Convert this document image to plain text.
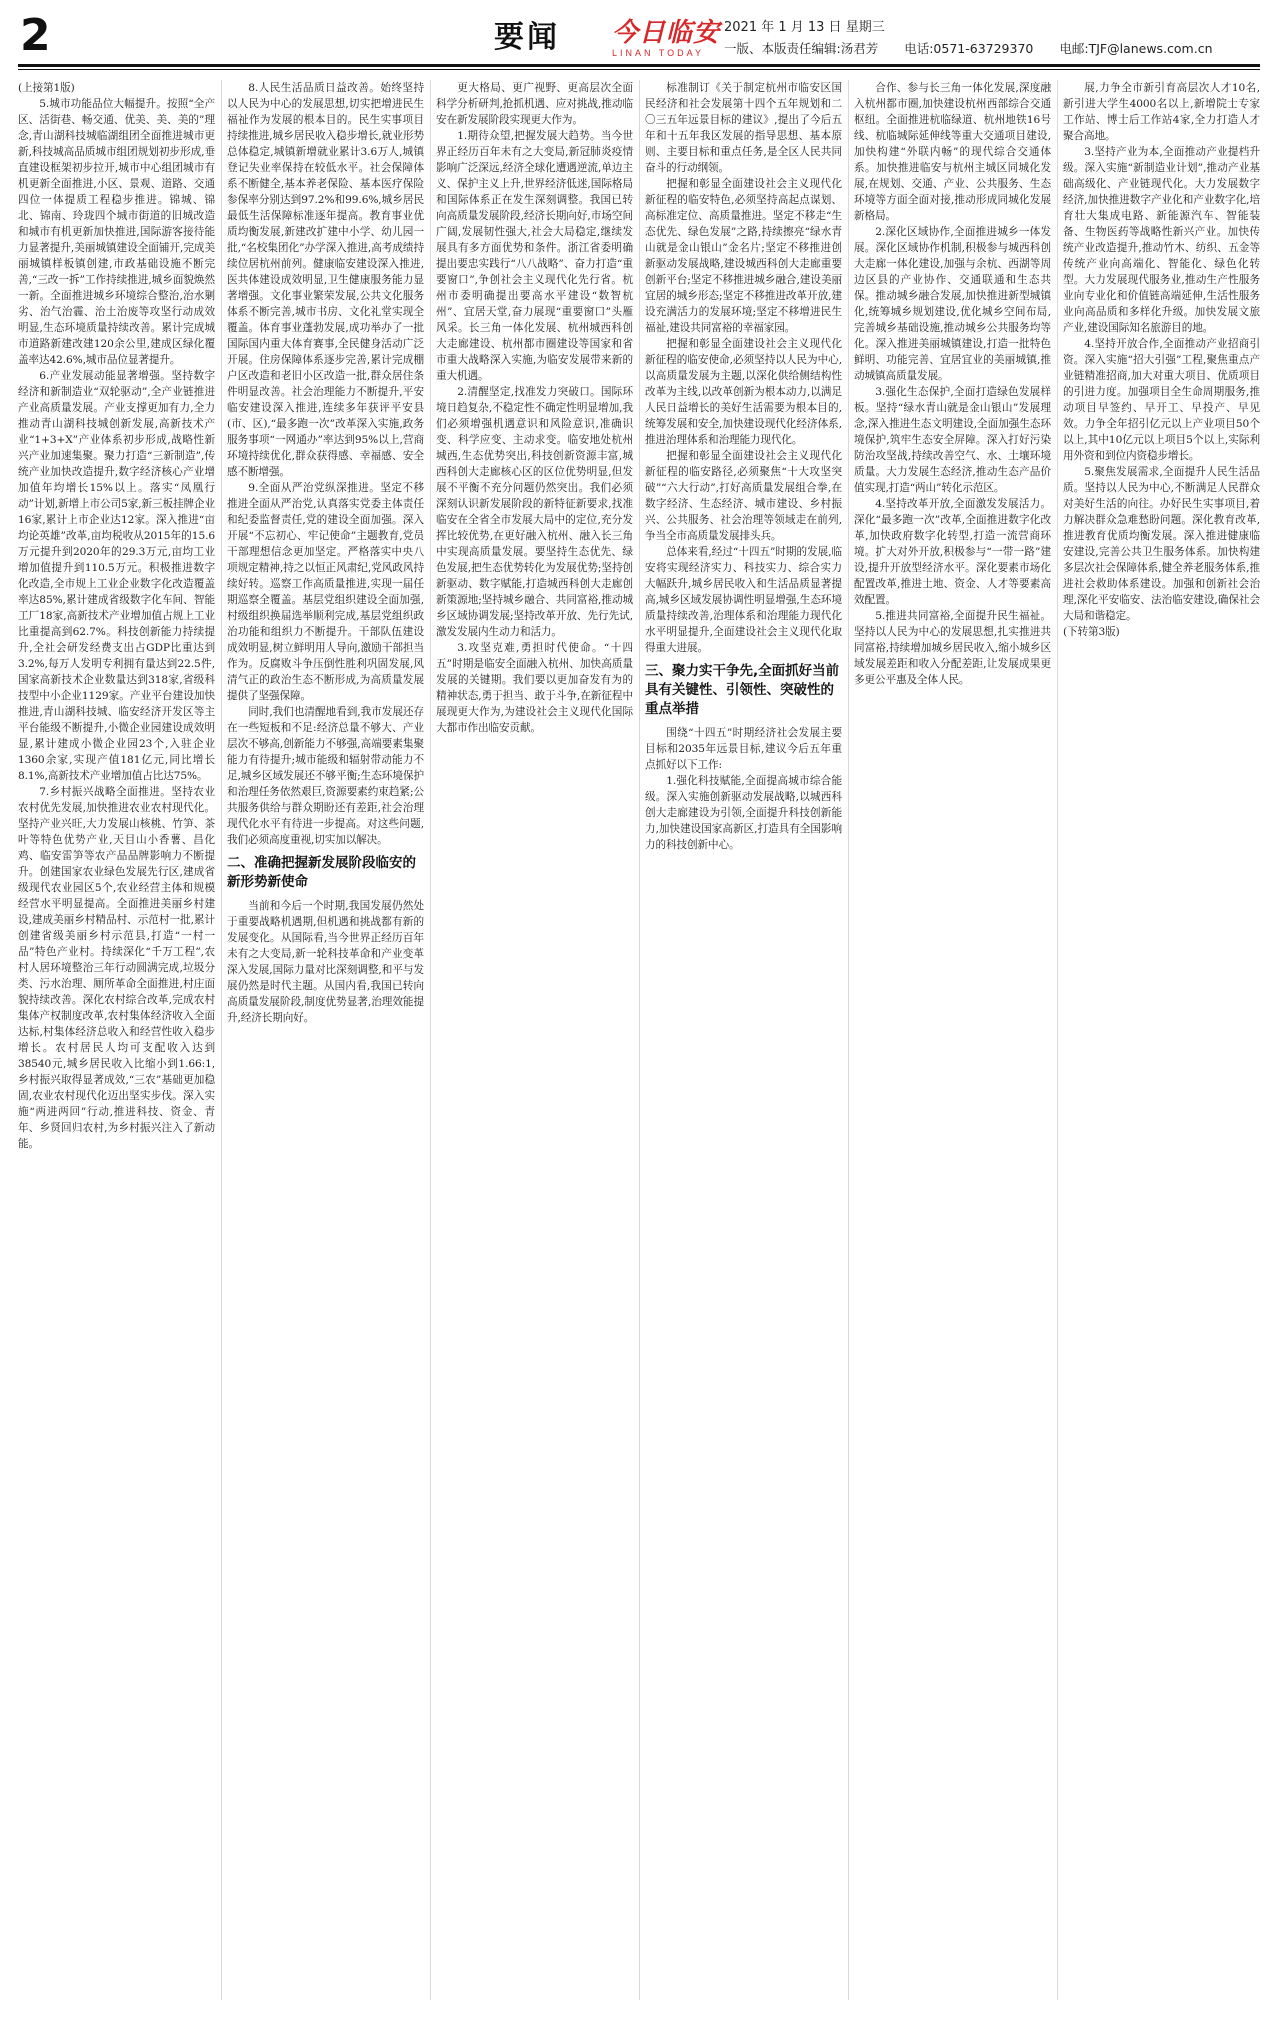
2	要闻 今日临安
LINAN TODAY
2021 年 1 月 13 日 星期三
一版、本版责任编辑:汤君芳 电话:0571-63729370 电邮:TJF@lanews.com.cn

(上接第1版)

5.城市功能品位大幅提升。按照“全产区、活街巷、畅交通、优美、美、美的”理念,青山湖科技城临湖组团全面推进城市更新,科技城高品质城市组团规划初步形成,垂直建设框架初步拉开,城市中心组团城市有机更新全面推进,小区、景观、道路、交通四位一体提质工程稳步推进。锦城、锦北、锦南、玲珑四个城市街道的旧城改造和城市有机更新加快推进,国际游客接待能力显著提升,美丽城镇建设全面铺开,完成美丽城镇样板镇创建,市政基础设施不断完善,“三改一拆”工作持续推进,城乡面貌焕然一新。全面推进城乡环境综合整治,治水剿劣、治气治霾、治土治废等攻坚行动成效明显,生态环境质量持续改善。累计完成城市道路新建改建120余公里,建成区绿化覆盖率达42.6%,城市品位显著提升。

6.产业发展动能显著增强。坚持数字经济和新制造业“双轮驱动”,全产业链推进产业高质量发展。产业支撑更加有力,全力推动青山湖科技城创新发展,高新技术产业“1+3+X”产业体系初步形成,战略性新兴产业加速集聚。聚力打造“三新制造”,传统产业加快改造提升,数字经济核心产业增加值年均增长15%以上。落实“凤凰行动”计划,新增上市公司5家,新三板挂牌企业16家,累计上市企业达12家。深入推进“亩均论英雄”改革,亩均税收从2015年的15.6万元提升到2020年的29.3万元,亩均工业增加值提升到110.5万元。积极推进数字化改造,全市规上工业企业数字化改造覆盖率达85%,累计建成省级数字化车间、智能工厂18家,高新技术产业增加值占规上工业比重提高到62.7%。科技创新能力持续提升,全社会研发经费支出占GDP比重达到3.2%,每万人发明专利拥有量达到22.5件,国家高新技术企业数量达到318家,省级科技型中小企业1129家。产业平台建设加快推进,青山湖科技城、临安经济开发区等主平台能级不断提升,小微企业园建设成效明显,累计建成小微企业园23个,入驻企业1360余家,实现产值181亿元,同比增长8.1%,高新技术产业增加值占比达75%。

7.乡村振兴战略全面推进。坚持农业农村优先发展,加快推进农业农村现代化。坚持产业兴旺,大力发展山核桃、竹笋、茶叶等特色优势产业,天目山小香薯、昌化鸡、临安雷笋等农产品品牌影响力不断提升。创建国家农业绿色发展先行区,建成省级现代农业园区5个,农业经营主体和规模经营水平明显提高。全面推进美丽乡村建设,建成美丽乡村精品村、示范村一批,累计创建省级美丽乡村示范县,打造“一村一品”特色产业村。持续深化“千万工程”,农村人居环境整治三年行动圆满完成,垃圾分类、污水治理、厕所革命全面推进,村庄面貌持续改善。深化农村综合改革,完成农村集体产权制度改革,农村集体经济收入全面达标,村集体经济总收入和经营性收入稳步增长。农村居民人均可支配收入达到38540元,城乡居民收入比缩小到1.66:1,乡村振兴取得显著成效,“三农”基础更加稳固,农业农村现代化迈出坚实步伐。深入实施“两进两回”行动,推进科技、资金、青年、乡贤回归农村,为乡村振兴注入了新动能。

8.人民生活品质日益改善。始终坚持以人民为中心的发展思想,切实把增进民生福祉作为发展的根本目的。民生实事项目持续推进,城乡居民收入稳步增长,就业形势总体稳定,城镇新增就业累计3.6万人,城镇登记失业率保持在较低水平。社会保障体系不断健全,基本养老保险、基本医疗保险参保率分别达到97.2%和99.6%,城乡居民最低生活保障标准逐年提高。教育事业优质均衡发展,新建改扩建中小学、幼儿园一批,“名校集团化”办学深入推进,高考成绩持续位居杭州前列。健康临安建设深入推进,医共体建设成效明显,卫生健康服务能力显著增强。文化事业繁荣发展,公共文化服务体系不断完善,城市书房、文化礼堂实现全覆盖。体育事业蓬勃发展,成功举办了一批国际国内重大体育赛事,全民健身活动广泛开展。住房保障体系逐步完善,累计完成棚户区改造和老旧小区改造一批,群众居住条件明显改善。社会治理能力不断提升,平安临安建设深入推进,连续多年获评平安县(市、区),“最多跑一次”改革深入实施,政务服务事项“一网通办”率达到95%以上,营商环境持续优化,群众获得感、幸福感、安全感不断增强。

9.全面从严治党纵深推进。坚定不移推进全面从严治党,认真落实党委主体责任和纪委监督责任,党的建设全面加强。深入开展“不忘初心、牢记使命”主题教育,党员干部理想信念更加坚定。严格落实中央八项规定精神,持之以恒正风肃纪,党风政风持续好转。巡察工作高质量推进,实现一届任期巡察全覆盖。基层党组织建设全面加强,村级组织换届选举顺利完成,基层党组织政治功能和组织力不断提升。干部队伍建设成效明显,树立鲜明用人导向,激励干部担当作为。反腐败斗争压倒性胜利巩固发展,风清气正的政治生态不断形成,为高质量发展提供了坚强保障。

同时,我们也清醒地看到,我市发展还存在一些短板和不足:经济总量不够大、产业层次不够高,创新能力不够强,高端要素集聚能力有待提升;城市能级和辐射带动能力不足,城乡区域发展还不够平衡;生态环境保护和治理任务依然艰巨,资源要素约束趋紧;公共服务供给与群众期盼还有差距,社会治理现代化水平有待进一步提高。对这些问题,我们必须高度重视,切实加以解决。

二、准确把握新发展阶段临安的新形势新使命

当前和今后一个时期,我国发展仍然处于重要战略机遇期,但机遇和挑战都有新的发展变化。从国际看,当今世界正经历百年未有之大变局,新一轮科技革命和产业变革深入发展,国际力量对比深刻调整,和平与发展仍然是时代主题。从国内看,我国已转向高质量发展阶段,制度优势显著,治理效能提升,经济长期向好。

更大格局、更广视野、更高层次全面科学分析研判,抢抓机遇、应对挑战,推动临安在新发展阶段实现更大作为。

1.期待众望,把握发展大趋势。当今世界正经历百年未有之大变局,新冠肺炎疫情影响广泛深远,经济全球化遭遇逆流,单边主义、保护主义上升,世界经济低迷,国际格局和国际体系正在发生深刻调整。我国已转向高质量发展阶段,经济长期向好,市场空间广阔,发展韧性强大,社会大局稳定,继续发展具有多方面优势和条件。浙江省委明确提出要忠实践行“八八战略”、奋力打造“重要窗口”,争创社会主义现代化先行省。杭州市委明确提出要高水平建设“数智杭州”、宜居天堂,奋力展现“重要窗口”头雁风采。长三角一体化发展、杭州城西科创大走廊建设、杭州都市圈建设等国家和省市重大战略深入实施,为临安发展带来新的重大机遇。

2.清醒坚定,找准发力突破口。国际环境日趋复杂,不稳定性不确定性明显增加,我们必须增强机遇意识和风险意识,准确识变、科学应变、主动求变。临安地处杭州城西,生态优势突出,科技创新资源丰富,城西科创大走廊核心区的区位优势明显,但发展不平衡不充分问题仍然突出。我们必须深刻认识新发展阶段的新特征新要求,找准临安在全省全市发展大局中的定位,充分发挥比较优势,在更好融入杭州、融入长三角中实现高质量发展。要坚持生态优先、绿色发展,把生态优势转化为发展优势;坚持创新驱动、数字赋能,打造城西科创大走廊创新策源地;坚持城乡融合、共同富裕,推动城乡区域协调发展;坚持改革开放、先行先试,激发发展内生动力和活力。

3.攻坚克难,勇担时代使命。“十四五”时期是临安全面融入杭州、加快高质量发展的关键期。我们要以更加奋发有为的精神状态,勇于担当、敢于斗争,在新征程中展现更大作为,为建设社会主义现代化国际大都市作出临安贡献。

标准制订《关于制定杭州市临安区国民经济和社会发展第十四个五年规划和二〇三五年远景目标的建议》,提出了今后五年和十五年我区发展的指导思想、基本原则、主要目标和重点任务,是全区人民共同奋斗的行动纲领。

把握和彰显全面建设社会主义现代化新征程的临安特色,必须坚持高起点谋划、高标准定位、高质量推进。坚定不移走“生态优先、绿色发展”之路,持续擦亮“绿水青山就是金山银山”金名片;坚定不移推进创新驱动发展战略,建设城西科创大走廊重要创新平台;坚定不移推进城乡融合,建设美丽宜居的城乡形态;坚定不移推进改革开放,建设充满活力的发展环境;坚定不移增进民生福祉,建设共同富裕的幸福家园。

把握和彰显全面建设社会主义现代化新征程的临安使命,必须坚持以人民为中心,以高质量发展为主题,以深化供给侧结构性改革为主线,以改革创新为根本动力,以满足人民日益增长的美好生活需要为根本目的,统筹发展和安全,加快建设现代化经济体系,推进治理体系和治理能力现代化。

把握和彰显全面建设社会主义现代化新征程的临安路径,必须聚焦“十大攻坚突破”“六大行动”,打好高质量发展组合拳,在数字经济、生态经济、城市建设、乡村振兴、公共服务、社会治理等领域走在前列,争当全市高质量发展排头兵。

总体来看,经过“十四五”时期的发展,临安将实现经济实力、科技实力、综合实力大幅跃升,城乡居民收入和生活品质显著提高,城乡区域发展协调性明显增强,生态环境质量持续改善,治理体系和治理能力现代化水平明显提升,全面建设社会主义现代化取得重大进展。

三、聚力实干争先,全面抓好当前具有关键性、引领性、突破性的重点举措

围绕“十四五”时期经济社会发展主要目标和2035年远景目标,建议今后五年重点抓好以下工作:

1.强化科技赋能,全面提高城市综合能级。深入实施创新驱动发展战略,以城西科创大走廊建设为引领,全面提升科技创新能力,加快建设国家高新区,打造具有全国影响力的科技创新中心。

合作、参与长三角一体化发展,深度融入杭州都市圈,加快建设杭州西部综合交通枢纽。全面推进杭临绿道、杭州地铁16号线、杭临城际延伸线等重大交通项目建设,加快构建“外联内畅”的现代综合交通体系。加快推进临安与杭州主城区同城化发展,在规划、交通、产业、公共服务、生态环境等方面全面对接,推动形成同城化发展新格局。

2.深化区域协作,全面推进城乡一体发展。深化区域协作机制,积极参与城西科创大走廊一体化建设,加强与余杭、西湖等周边区县的产业协作、交通联通和生态共保。推动城乡融合发展,加快推进新型城镇化,统筹城乡规划建设,优化城乡空间布局,完善城乡基础设施,推动城乡公共服务均等化。深入推进美丽城镇建设,打造一批特色鲜明、功能完善、宜居宜业的美丽城镇,推动城镇高质量发展。

3.强化生态保护,全面打造绿色发展样板。坚持“绿水青山就是金山银山”发展理念,深入推进生态文明建设,全面加强生态环境保护,筑牢生态安全屏障。深入打好污染防治攻坚战,持续改善空气、水、土壤环境质量。大力发展生态经济,推动生态产品价值实现,打造“两山”转化示范区。

4.坚持改革开放,全面激发发展活力。深化“最多跑一次”改革,全面推进数字化改革,加快政府数字化转型,打造一流营商环境。扩大对外开放,积极参与“一带一路”建设,提升开放型经济水平。深化要素市场化配置改革,推进土地、资金、人才等要素高效配置。

5.推进共同富裕,全面提升民生福祉。坚持以人民为中心的发展思想,扎实推进共同富裕,持续增加城乡居民收入,缩小城乡区域发展差距和收入分配差距,让发展成果更多更公平惠及全体人民。

展,力争全市新引育高层次人才10名,新引进大学生4000名以上,新增院士专家工作站、博士后工作站4家,全力打造人才聚合高地。

3.坚持产业为本,全面推动产业提档升级。深入实施“新制造业计划”,推动产业基础高级化、产业链现代化。大力发展数字经济,加快推进数字产业化和产业数字化,培育壮大集成电路、新能源汽车、智能装备、生物医药等战略性新兴产业。加快传统产业改造提升,推动竹木、纺织、五金等传统产业向高端化、智能化、绿色化转型。大力发展现代服务业,推动生产性服务业向专业化和价值链高端延伸,生活性服务业向高品质和多样化升级。加快发展文旅产业,建设国际知名旅游目的地。

4.坚持开放合作,全面推动产业招商引资。深入实施“招大引强”工程,聚焦重点产业链精准招商,加大对重大项目、优质项目的引进力度。加强项目全生命周期服务,推动项目早签约、早开工、早投产、早见效。力争全年招引亿元以上产业项目50个以上,其中10亿元以上项目5个以上,实际利用外资和到位内资稳步增长。

5.聚焦发展需求,全面提升人民生活品质。坚持以人民为中心,不断满足人民群众对美好生活的向往。办好民生实事项目,着力解决群众急难愁盼问题。深化教育改革,推进教育优质均衡发展。深入推进健康临安建设,完善公共卫生服务体系。加快构建多层次社会保障体系,健全养老服务体系,推进社会救助体系建设。加强和创新社会治理,深化平安临安、法治临安建设,确保社会大局和谐稳定。

(下转第3版)
